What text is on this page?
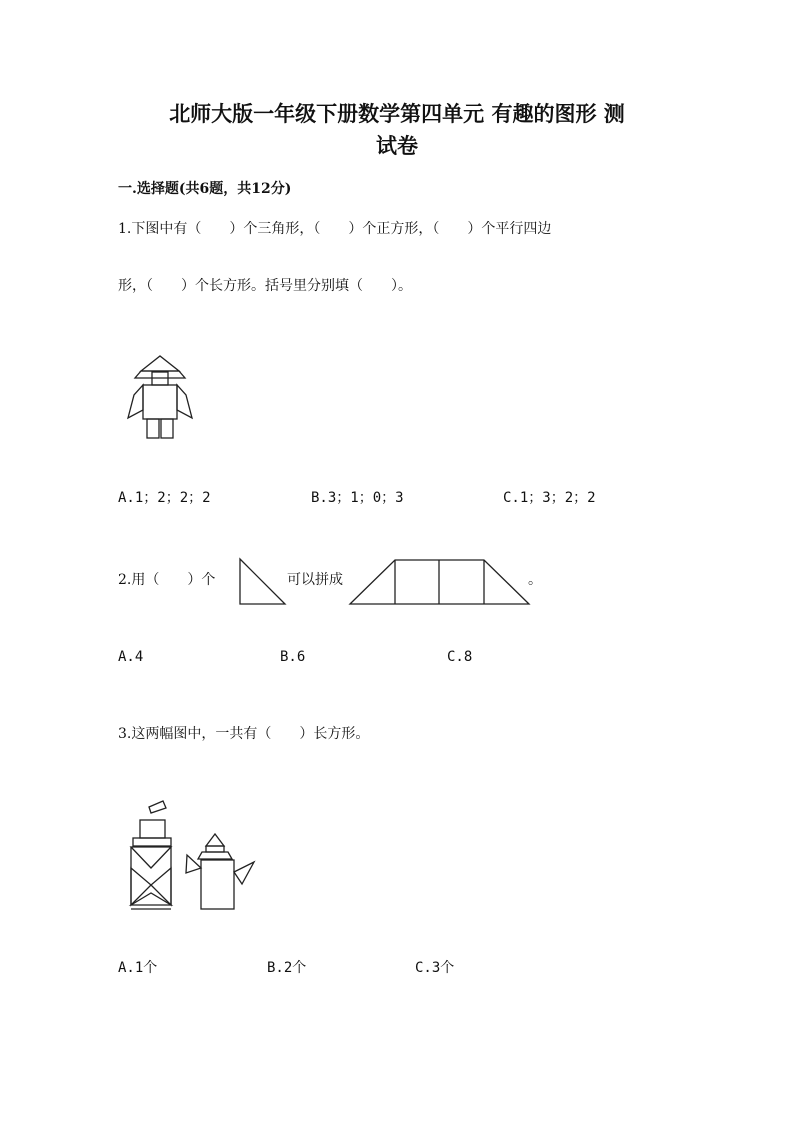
北师大版一年级下册数学第四单元 有趣的图形 测
试卷
一.选择题(共6题，共12分)
1.下图中有（　　）个三角形，（　　）个正方形，（　　）个平行四边
形，（　　）个长方形。括号里分别填（　　）。
A.1；2；2；2	B.3；1；0；3	C.1；3；2；2
2.用（　　）个	可以拼成	。
A.4	B.6	C.8
3.这两幅图中，一共有（　　）长方形。
A.1个	B.2个	C.3个
